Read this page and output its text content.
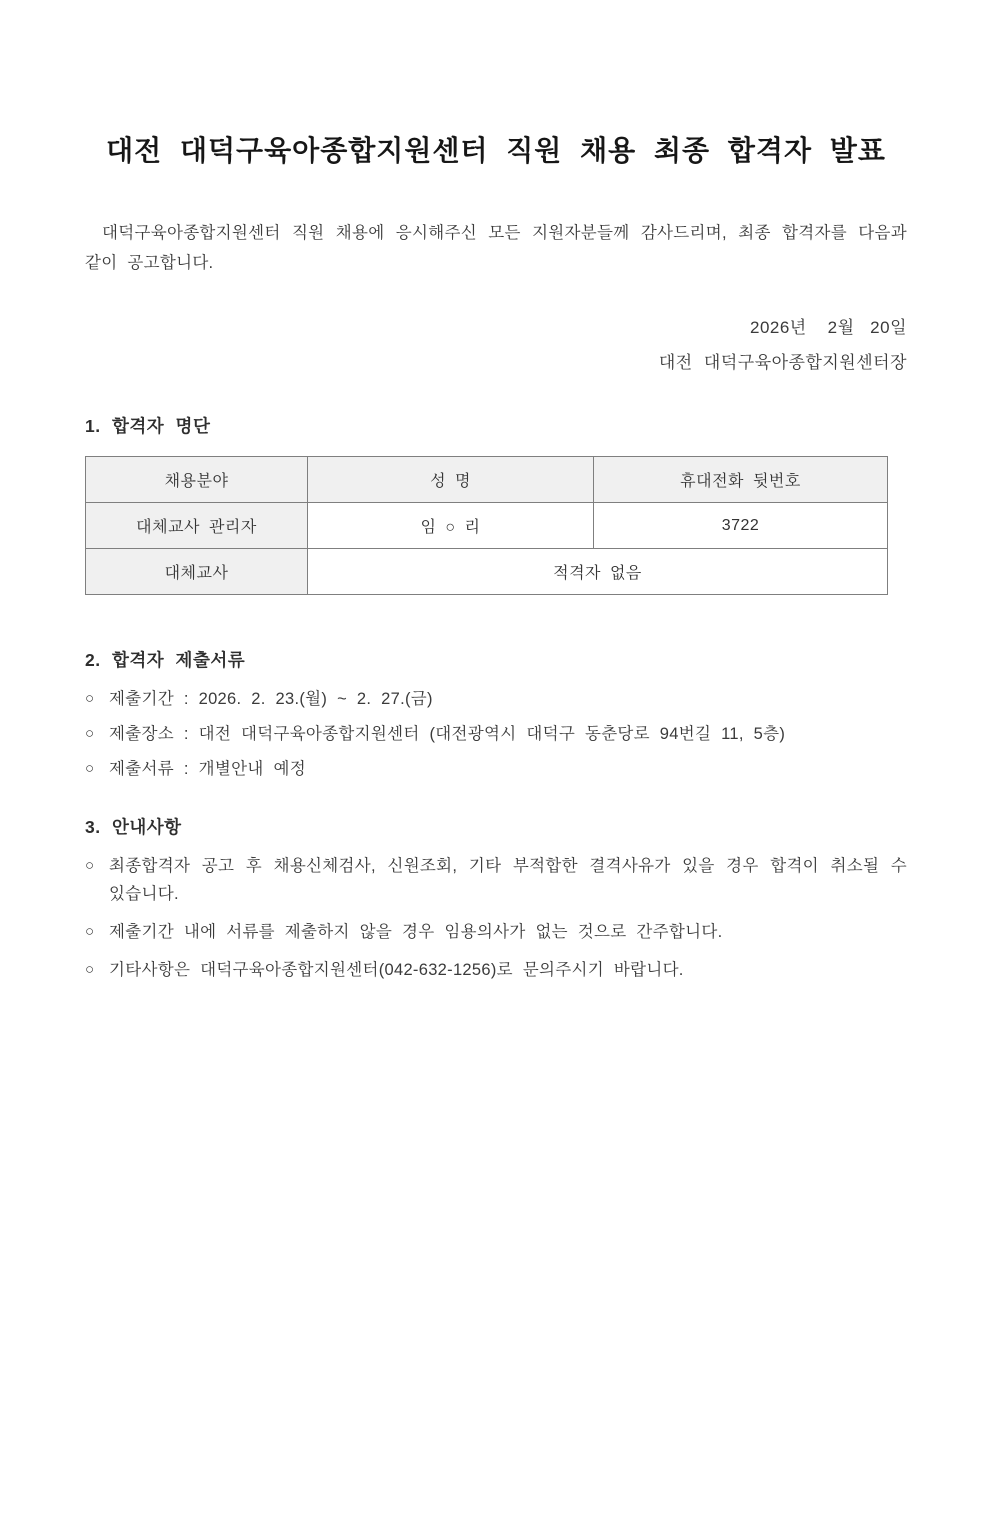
대전 대덕구육아종합지원센터 직원 채용 최종 합격자 발표

대덕구육아종합지원센터 직원 채용에 응시해주신 모든 지원자분들께 감사드리며, 최종 합격자를 다음과 같이 공고합니다.

2026년    2월   20일
대전 대덕구육아종합지원센터장
1. 합격자 명단
채용분야	성 명	휴대전화 뒷번호
대체교사 관리자	임 ○ 리	3722
대체교사	적격자 없음	
2. 합격자 제출서류
○ 제출기간 : 2026. 2. 23.(월) ~ 2. 27.(금)
○ 제출장소 : 대전 대덕구육아종합지원센터 (대전광역시 대덕구 동춘당로 94번길 11, 5층)
○ 제출서류 : 개별안내 예정
3. 안내사항
○ 최종합격자 공고 후 채용신체검사, 신원조회, 기타 부적합한 결격사유가 있을 경우 합격이 취소될 수 있습니다.
○ 제출기간 내에 서류를 제출하지 않을 경우 임용의사가 없는 것으로 간주합니다.
○ 기타사항은 대덕구육아종합지원센터(042-632-1256)로 문의주시기 바랍니다.
